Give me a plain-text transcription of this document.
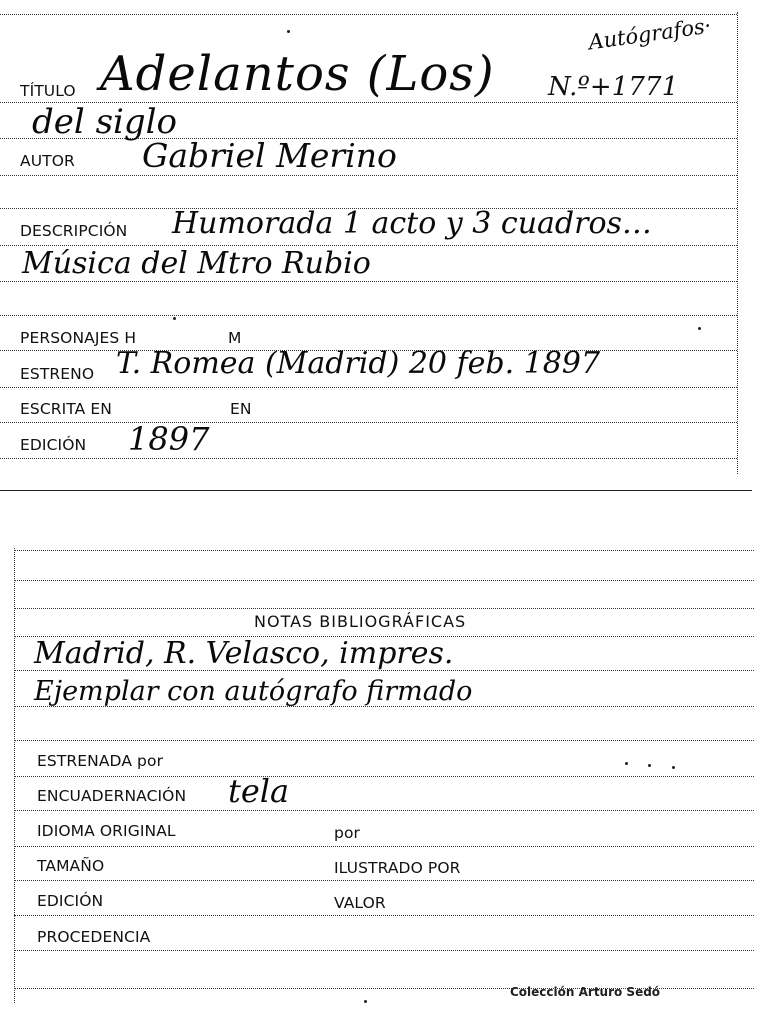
Autógrafos·
TÍTULO Adelantos (Los) N.º+1771
del siglo
AUTOR Gabriel Merino
DESCRIPCIÓN Humorada 1 acto y 3 cuadros…
Música del Mtro Rubio
PERSONAJES H	M
ESTRENO T. Romea (Madrid) 20 feb. 1897
ESCRITA EN	EN
EDICIÓN 1897
NOTAS BIBLIOGRÁFICAS
Madrid, R. Velasco, impres.
Ejemplar con autógrafo firmado
ESTRENADA por
ENCUADERNACIÓN tela
IDIOMA ORIGINAL	por
TAMAÑO	ILUSTRADO POR
EDICIÓN	VALOR
PROCEDENCIA
Colección Arturo Sedó
